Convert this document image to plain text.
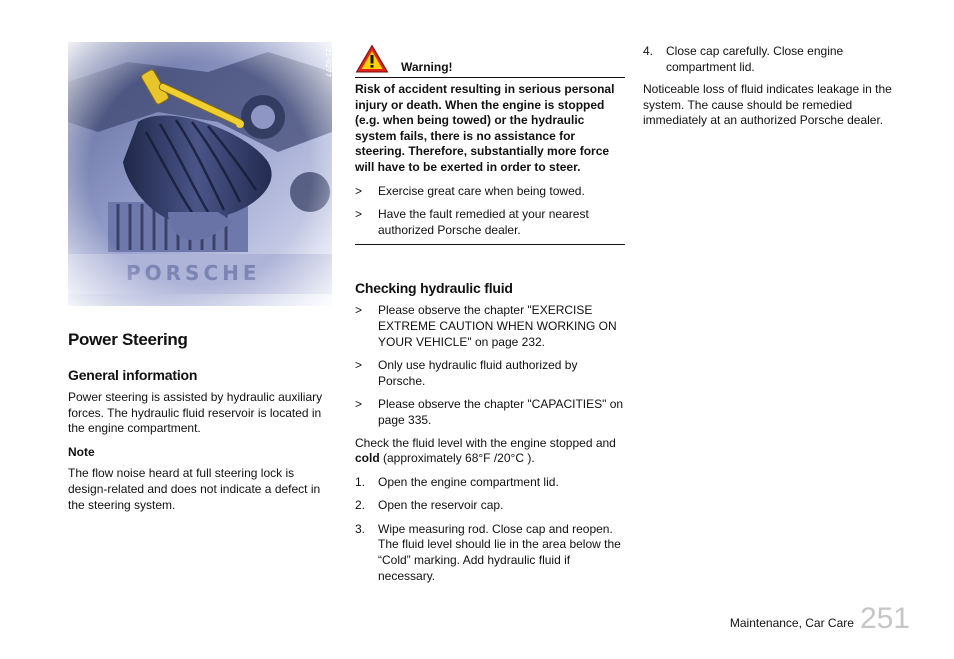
Power Steering
General information

Power steering is assisted by hydraulic auxiliary forces. The hydraulic fluid reservoir is located in the engine compartment.

Note

The flow noise heard at full steering lock is design-related and does not indicate a defect in the steering system.

Warning!

Risk of accident resulting in serious personal injury or death. When the engine is stopped (e.g. when being towed) or the hydraulic system fails, there is no assistance for steering. Therefore, substantially more force will have to be exerted in order to steer.

>	Exercise great care when being towed.
>	Have the fault remedied at your nearest authorized Porsche dealer.
Checking hydraulic fluid
>	Please observe the chapter "EXERCISE EXTREME CAUTION WHEN WORKING ON YOUR VEHICLE" on page 232.
>	Only use hydraulic fluid authorized by Porsche.
>	Please observe the chapter "CAPACITIES" on page 335.

Check the fluid level with the engine stopped and cold (approximately 68°F /20°C ).

1.	Open the engine compartment lid.
2.	Open the reservoir cap.
3.	Wipe measuring rod. Close cap and reopen. The fluid level should lie in the area below the “Cold” marking. Add hydraulic fluid if necessary.
4.	Close cap carefully. Close engine compartment lid.

Noticeable loss of fluid indicates leakage in the system. The cause should be remedied immediately at an authorized Porsche dealer.

Maintenance, Car Care 251
